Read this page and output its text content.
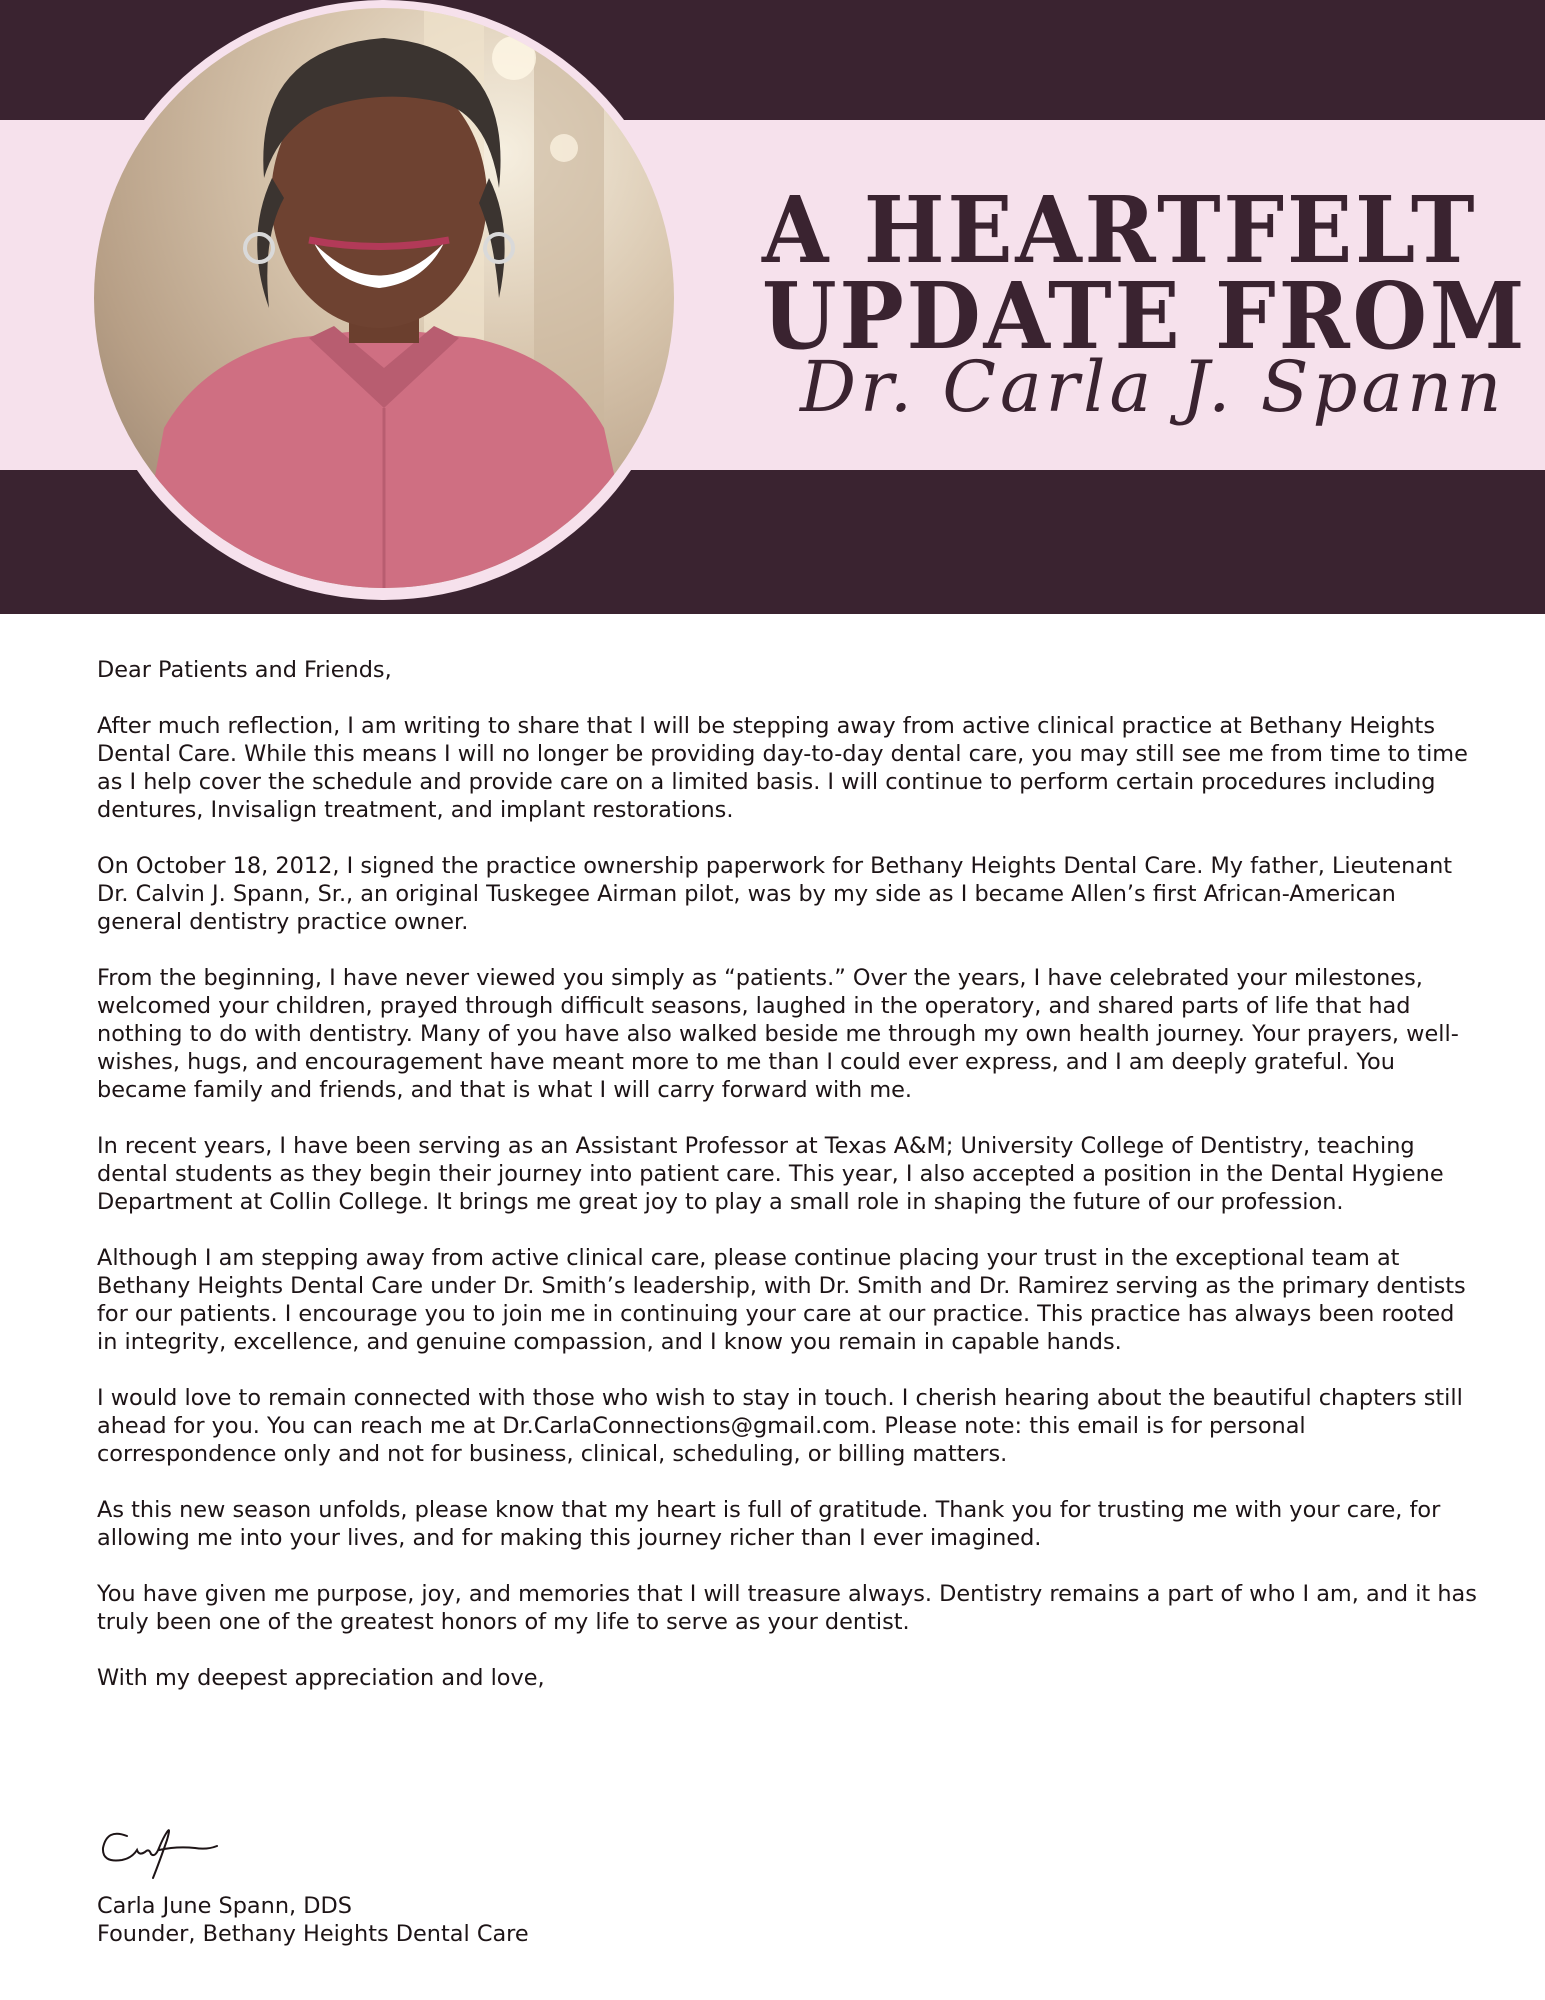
A HEARTFELT
UPDATE FROM
Dr. Carla J. Spann

Dear Patients and Friends,

After much reflection, I am writing to share that I will be stepping away from active clinical practice at Bethany Heights Dental Care. While this means I will no longer be providing day-to-day dental care, you may still see me from time to time as I help cover the schedule and provide care on a limited basis. I will continue to perform certain procedures including dentures, Invisalign treatment, and implant restorations.

On October 18, 2012, I signed the practice ownership paperwork for Bethany Heights Dental Care. My father, Lieutenant Dr. Calvin J. Spann, Sr., an original Tuskegee Airman pilot, was by my side as I became Allen’s first African-American general dentistry practice owner.

From the beginning, I have never viewed you simply as “patients.” Over the years, I have celebrated your milestones, welcomed your children, prayed through difficult seasons, laughed in the operatory, and shared parts of life that had nothing to do with dentistry. Many of you have also walked beside me through my own health journey. Your prayers, well-wishes, hugs, and encouragement have meant more to me than I could ever express, and I am deeply grateful. You became family and friends, and that is what I will carry forward with me.

In recent years, I have been serving as an Assistant Professor at Texas A&M; University College of Dentistry, teaching dental students as they begin their journey into patient care. This year, I also accepted a position in the Dental Hygiene Department at Collin College. It brings me great joy to play a small role in shaping the future of our profession.

Although I am stepping away from active clinical care, please continue placing your trust in the exceptional team at Bethany Heights Dental Care under Dr. Smith’s leadership, with Dr. Smith and Dr. Ramirez serving as the primary dentists for our patients. I encourage you to join me in continuing your care at our practice. This practice has always been rooted in integrity, excellence, and genuine compassion, and I know you remain in capable hands.

I would love to remain connected with those who wish to stay in touch. I cherish hearing about the beautiful chapters still ahead for you. You can reach me at Dr.CarlaConnections@gmail.com. Please note: this email is for personal correspondence only and not for business, clinical, scheduling, or billing matters.

As this new season unfolds, please know that my heart is full of gratitude. Thank you for trusting me with your care, for allowing me into your lives, and for making this journey richer than I ever imagined.

You have given me purpose, joy, and memories that I will treasure always. Dentistry remains a part of who I am, and it has truly been one of the greatest honors of my life to serve as your dentist.

With my deepest appreciation and love,

Carla June Spann, DDS
Founder, Bethany Heights Dental Care
